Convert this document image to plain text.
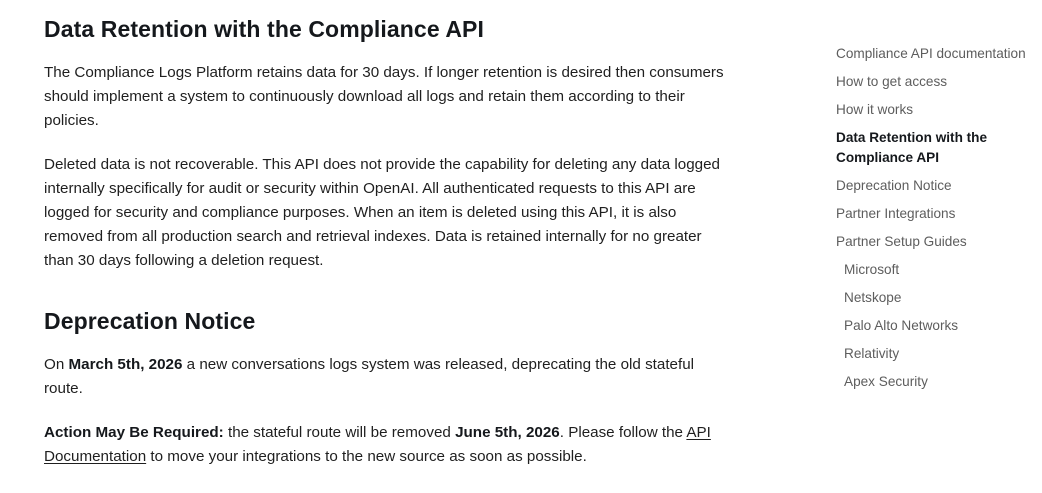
Data Retention with the Compliance API

The Compliance Logs Platform retains data for 30 days. If longer retention is desired then consumers should implement a system to continuously download all logs and retain them according to their policies.

Deleted data is not recoverable. This API does not provide the capability for deleting any data logged internally specifically for audit or security within OpenAI. All authenticated requests to this API are logged for security and compliance purposes. When an item is deleted using this API, it is also removed from all production search and retrieval indexes. Data is retained internally for no greater than 30 days following a deletion request.

Deprecation Notice

On March 5th, 2026 a new conversations logs system was released, deprecating the old stateful route.

Action May Be Required: the stateful route will be removed June 5th, 2026. Please follow the API Documentation to move your integrations to the new source as soon as possible.

Compliance API documentation
How to get access
How it works
Data Retention with the Compliance API
Deprecation Notice
Partner Integrations
Partner Setup Guides
Microsoft
Netskope
Palo Alto Networks
Relativity
Apex Security
